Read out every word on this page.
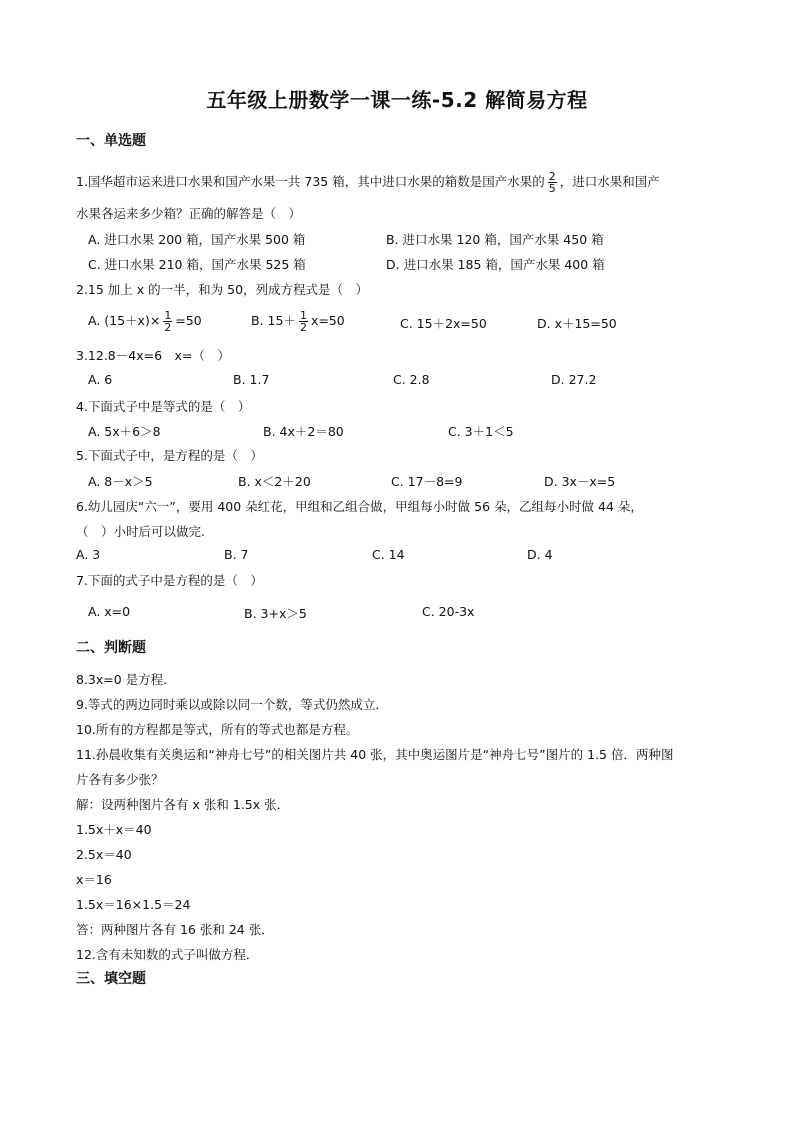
五年级上册数学一课一练-5.2 解简易方程
一、单选题
1.国华超市运来进口水果和国产水果一共 735 箱，其中进口水果的箱数是国产水果的 $\frac{2}{5}$ ，进口水果和国产
水果各运来多少箱？正确的解答是（　）
A. 进口水果 200 箱，国产水果 500 箱	B. 进口水果 120 箱，国产水果 450 箱
C. 进口水果 210 箱，国产水果 525 箱	D. 进口水果 185 箱，国产水果 400 箱
2.15 加上 x 的一半，和为 50，列成方程式是（　）
A. $(15+x)\times \frac{1}{2} =50$	B. $15+ \frac{1}{2} x=50$	C. 15＋2x=50	D. x＋15=50
3.12.8－4x=6　x=（　）
A. 6	B. 1.7	C. 2.8	D. 27.2
4.下面式子中是等式的是（　）
A. 5x＋6＞8	B. 4x＋2＝80	C. 3＋1＜5
5.下面式子中，是方程的是（　）
A. 8－x＞5	B. x＜2＋20	C. 17－8=9	D. 3x－x=5
6.幼儿园庆“六一”，要用 400 朵红花，甲组和乙组合做，甲组每小时做 56 朵，乙组每小时做 44 朵，
（　）小时后可以做完.
A. 3	B. 7	C. 14	D. 4
7.下面的式子中是方程的是（　）
A. x=0	B. 3+x＞5	C. 20-3x
二、判断题
8.3x=0 是方程．
9.等式的两边同时乘以或除以同一个数，等式仍然成立．
10.所有的方程都是等式，所有的等式也都是方程。
11.孙晨收集有关奥运和“神舟七号”的相关图片共 40 张，其中奥运图片是“神舟七号”图片的 1.5 倍．两种图
片各有多少张？
解：设两种图片各有 x 张和 1.5x 张．
1.5x＋x＝40
2.5x＝40
x＝16
1.5x＝16×1.5＝24
答：两种图片各有 16 张和 24 张．
12.含有未知数的式子叫做方程．
三、填空题
